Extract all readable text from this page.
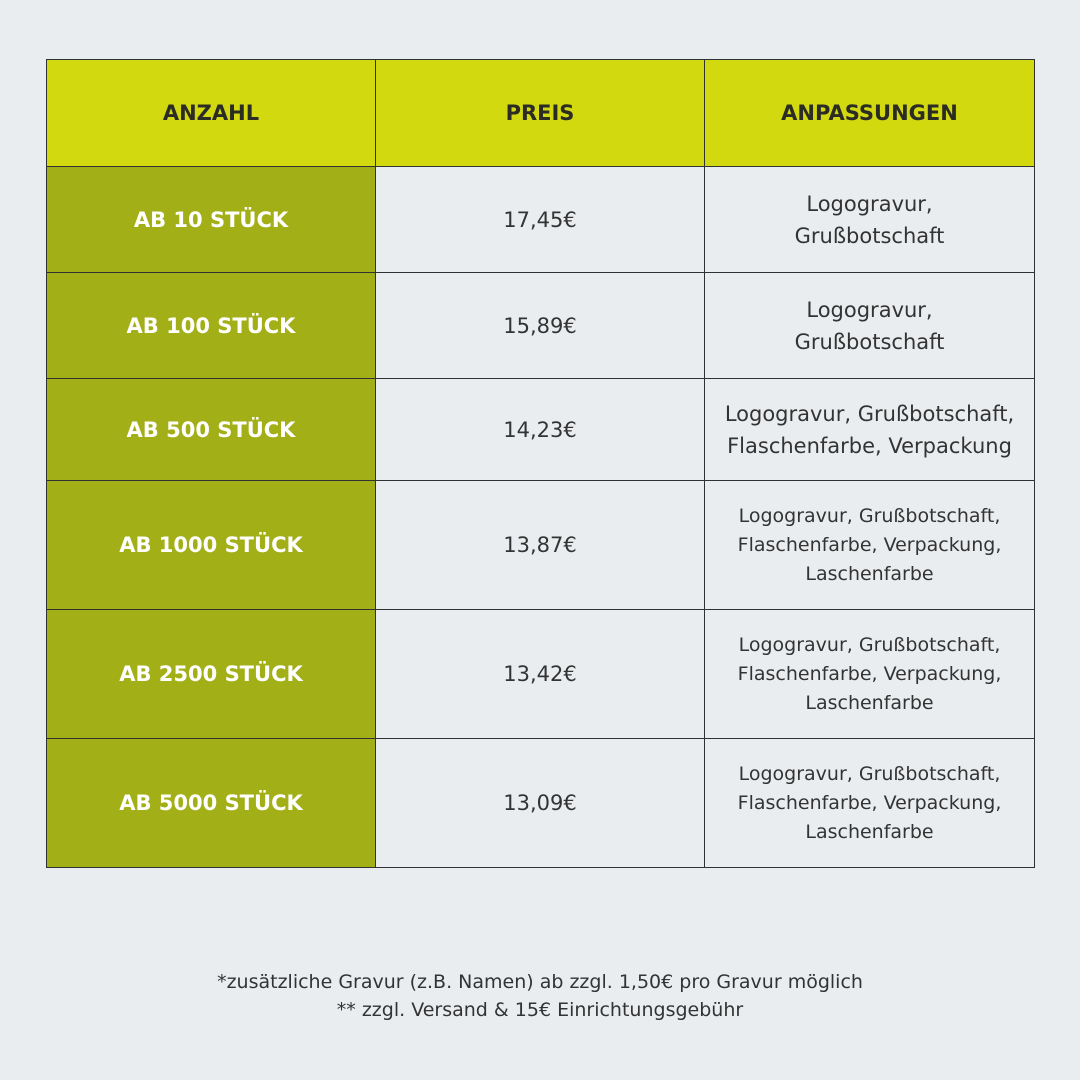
ANZAHL	PREIS	ANPASSUNGEN
AB 10 STÜCK	17,45€	Logogravur,
Grußbotschaft

AB 100 STÜCK	15,89€	Logogravur,
Grußbotschaft

AB 500 STÜCK	14,23€	Logogravur, Grußbotschaft,
Flaschenfarbe, Verpackung

AB 1000 STÜCK	13,87€	Logogravur, Grußbotschaft,
Flaschenfarbe, Verpackung,
Laschenfarbe

AB 2500 STÜCK	13,42€	Logogravur, Grußbotschaft,
Flaschenfarbe, Verpackung,
Laschenfarbe

AB 5000 STÜCK	13,09€	Logogravur, Grußbotschaft,
Flaschenfarbe, Verpackung,
Laschenfarbe
*zusätzliche Gravur (z.B. Namen) ab zzgl. 1,50€ pro Gravur möglich
** zzgl. Versand & 15€ Einrichtungsgebühr
